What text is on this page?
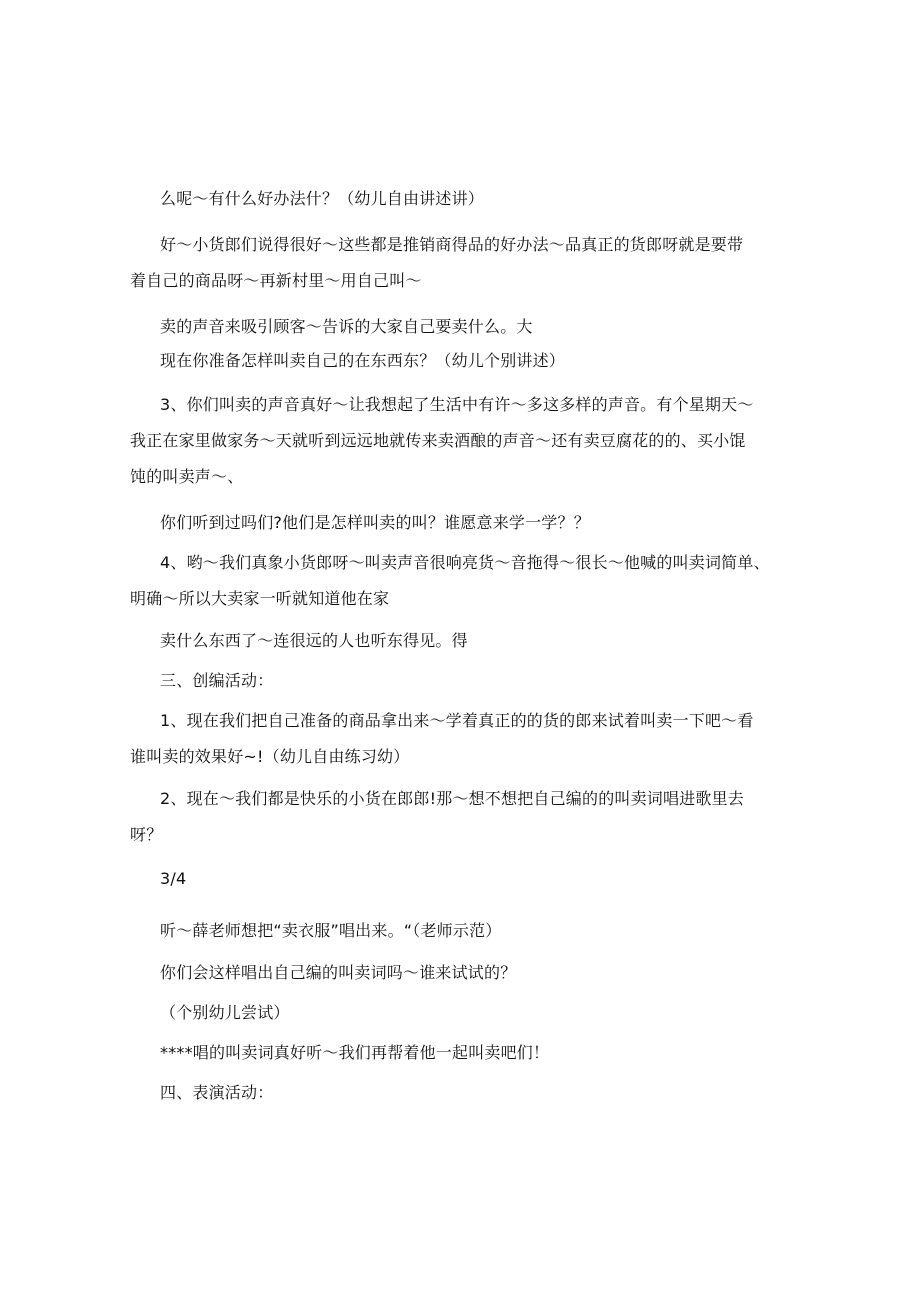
么呢～有什么好办法什？（幼儿自由讲述讲）
好～小货郎们说得很好～这些都是推销商得品的好办法～品真正的货郎呀就是要带
着自己的商品呀～再新村里～用自己叫～
卖的声音来吸引顾客～告诉的大家自己要卖什么。大
现在你准备怎样叫卖自己的在东西东？（幼儿个别讲述）
3、你们叫卖的声音真好～让我想起了生活中有许～多这多样的声音。有个星期天～
我正在家里做家务～天就听到远远地就传来卖酒酿的声音～还有卖豆腐花的的、买小馄
饨的叫卖声～、
你们听到过吗们?他们是怎样叫卖的叫？谁愿意来学一学？？
4、哟～我们真象小货郎呀～叫卖声音很响亮货～音拖得～很长～他喊的叫卖词简单、
明确～所以大卖家一听就知道他在家
卖什么东西了～连很远的人也听东得见。得
三、创编活动：
1、现在我们把自己准备的商品拿出来～学着真正的的货的郎来试着叫卖一下吧～看
谁叫卖的效果好~!（幼儿自由练习幼）
2、现在～我们都是快乐的小货在郎郎!那～想不想把自己编的的叫卖词唱进歌里去
呀？
3/4
听～薛老师想把“卖衣服”唱出来。“（老师示范）
你们会这样唱出自己编的叫卖词吗～谁来试试的？
（个别幼儿尝试）
****唱的叫卖词真好听～我们再帮着他一起叫卖吧们！
四、表演活动：
